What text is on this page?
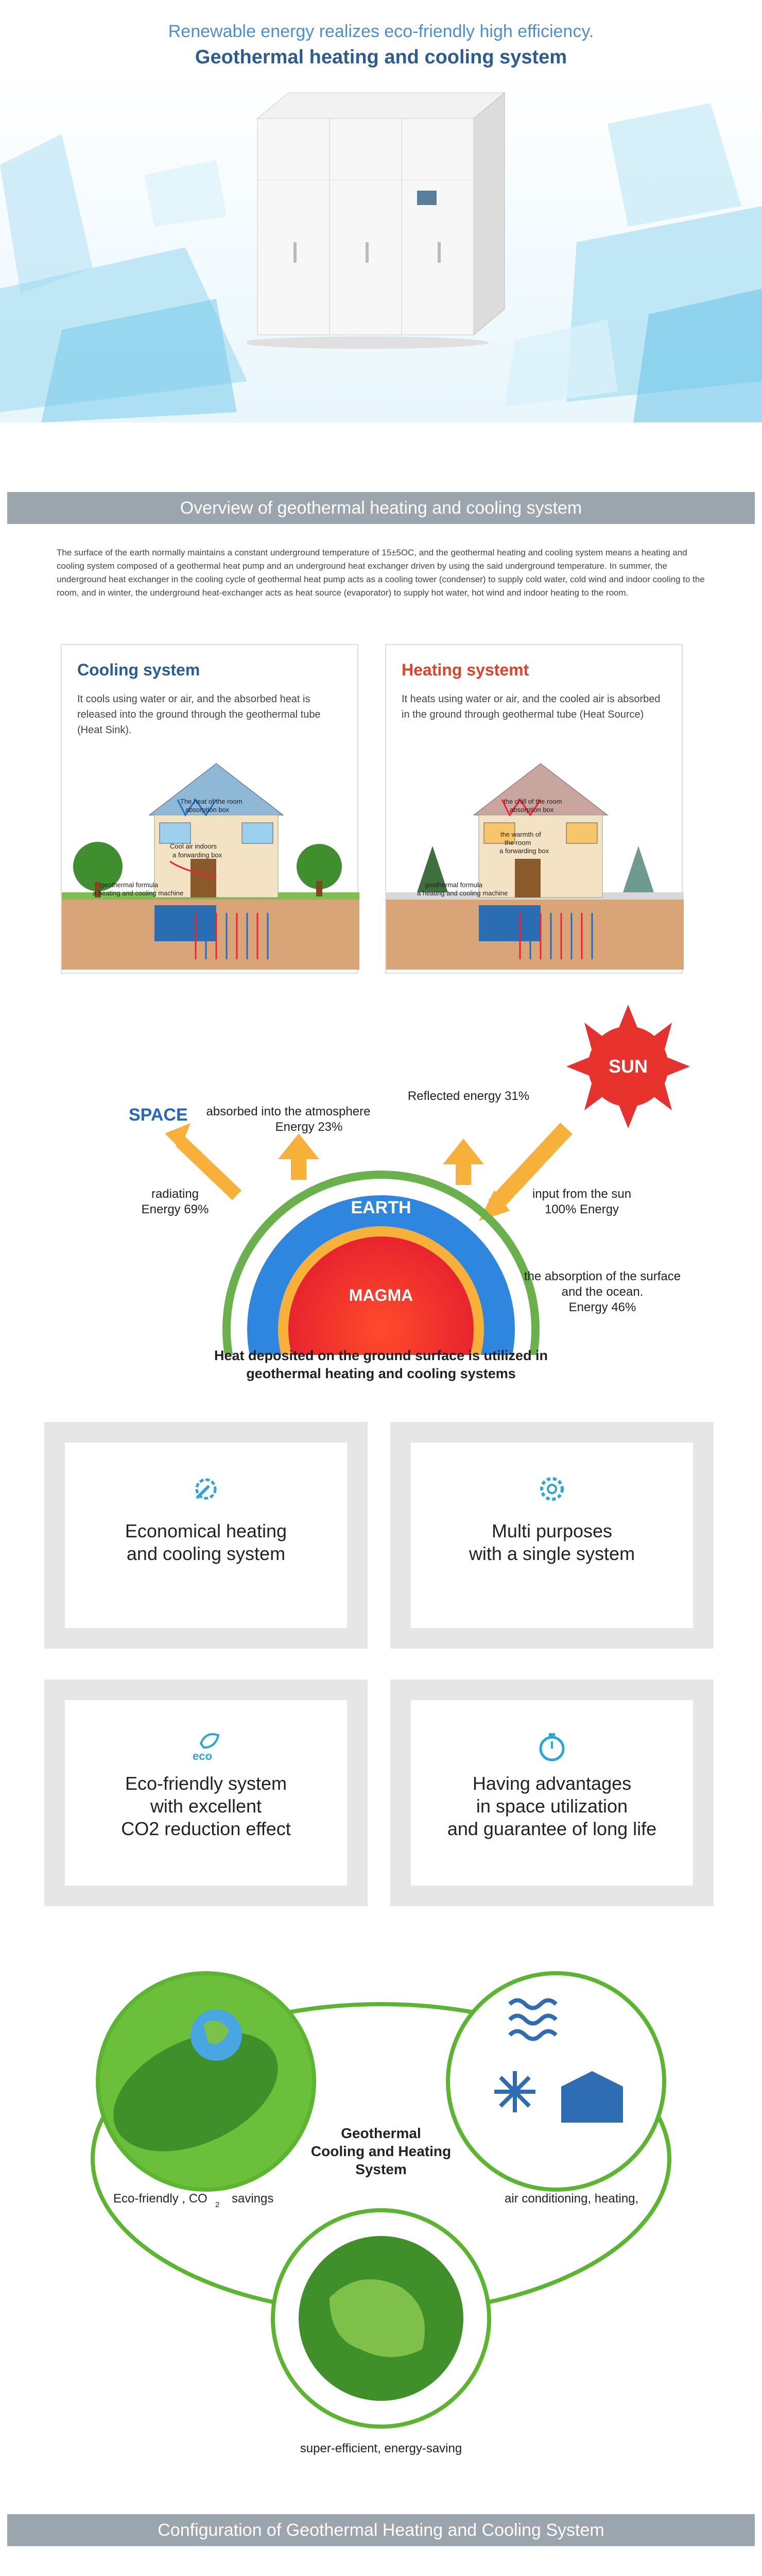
Renewable energy realizes eco-friendly high efficiency.
Geothermal heating and cooling system
Overview of geothermal heating and cooling system

The surface of the earth normally maintains a constant underground temperature of 15±5OC, and the geothermal heating and cooling system means a heating and cooling system composed of a geothermal heat pump and an underground heat exchanger driven by using the said underground temperature. In summer, the underground heat exchanger in the cooling cycle of geothermal heat pump acts as a cooling tower (condenser) to supply cold water, cold wind and indoor cooling to the room, and in winter, the underground heat-exchanger acts as heat source (evaporator) to supply hot water, hot wind and indoor heating to the room.

Cooling system

It cools using water or air, and the absorbed heat is released into the ground through the geothermal tube (Heat Sink).

The heat of the room
absorption box
Cool air indoors
a forwarding box
geothermal formula
a heating and cooling machine
Heating systemt

It heats using water or air, and the cooled air is absorbed in the ground through geothermal tube (Heat Source)

the chill of the room
absorption box
the warmth of
the room
a forwarding box
geothermal formula
a heating and cooling machine
SUN
SPACE
EARTH
MAGMA
absorbed into the atmosphere
Energy 23%
Reflected energy 31%
radiating
Energy 69%
input from the sun
100% Energy
the absorption of the surface
and the ocean.
Energy 46%
Heat deposited on the ground surface is utilized in
geothermal heating and cooling systems
Economical heating
and cooling system
Multi purposes
with a single system
eco
Eco-friendly system
with excellent
CO2 reduction effect
Having advantages
in space utilization
and guarantee of long life
Geothermal
Cooling and Heating
System
Eco-friendly , CO 2 savings	air conditioning, heating,
super-efficient, energy-saving
Configuration of Geothermal Heating and Cooling System
